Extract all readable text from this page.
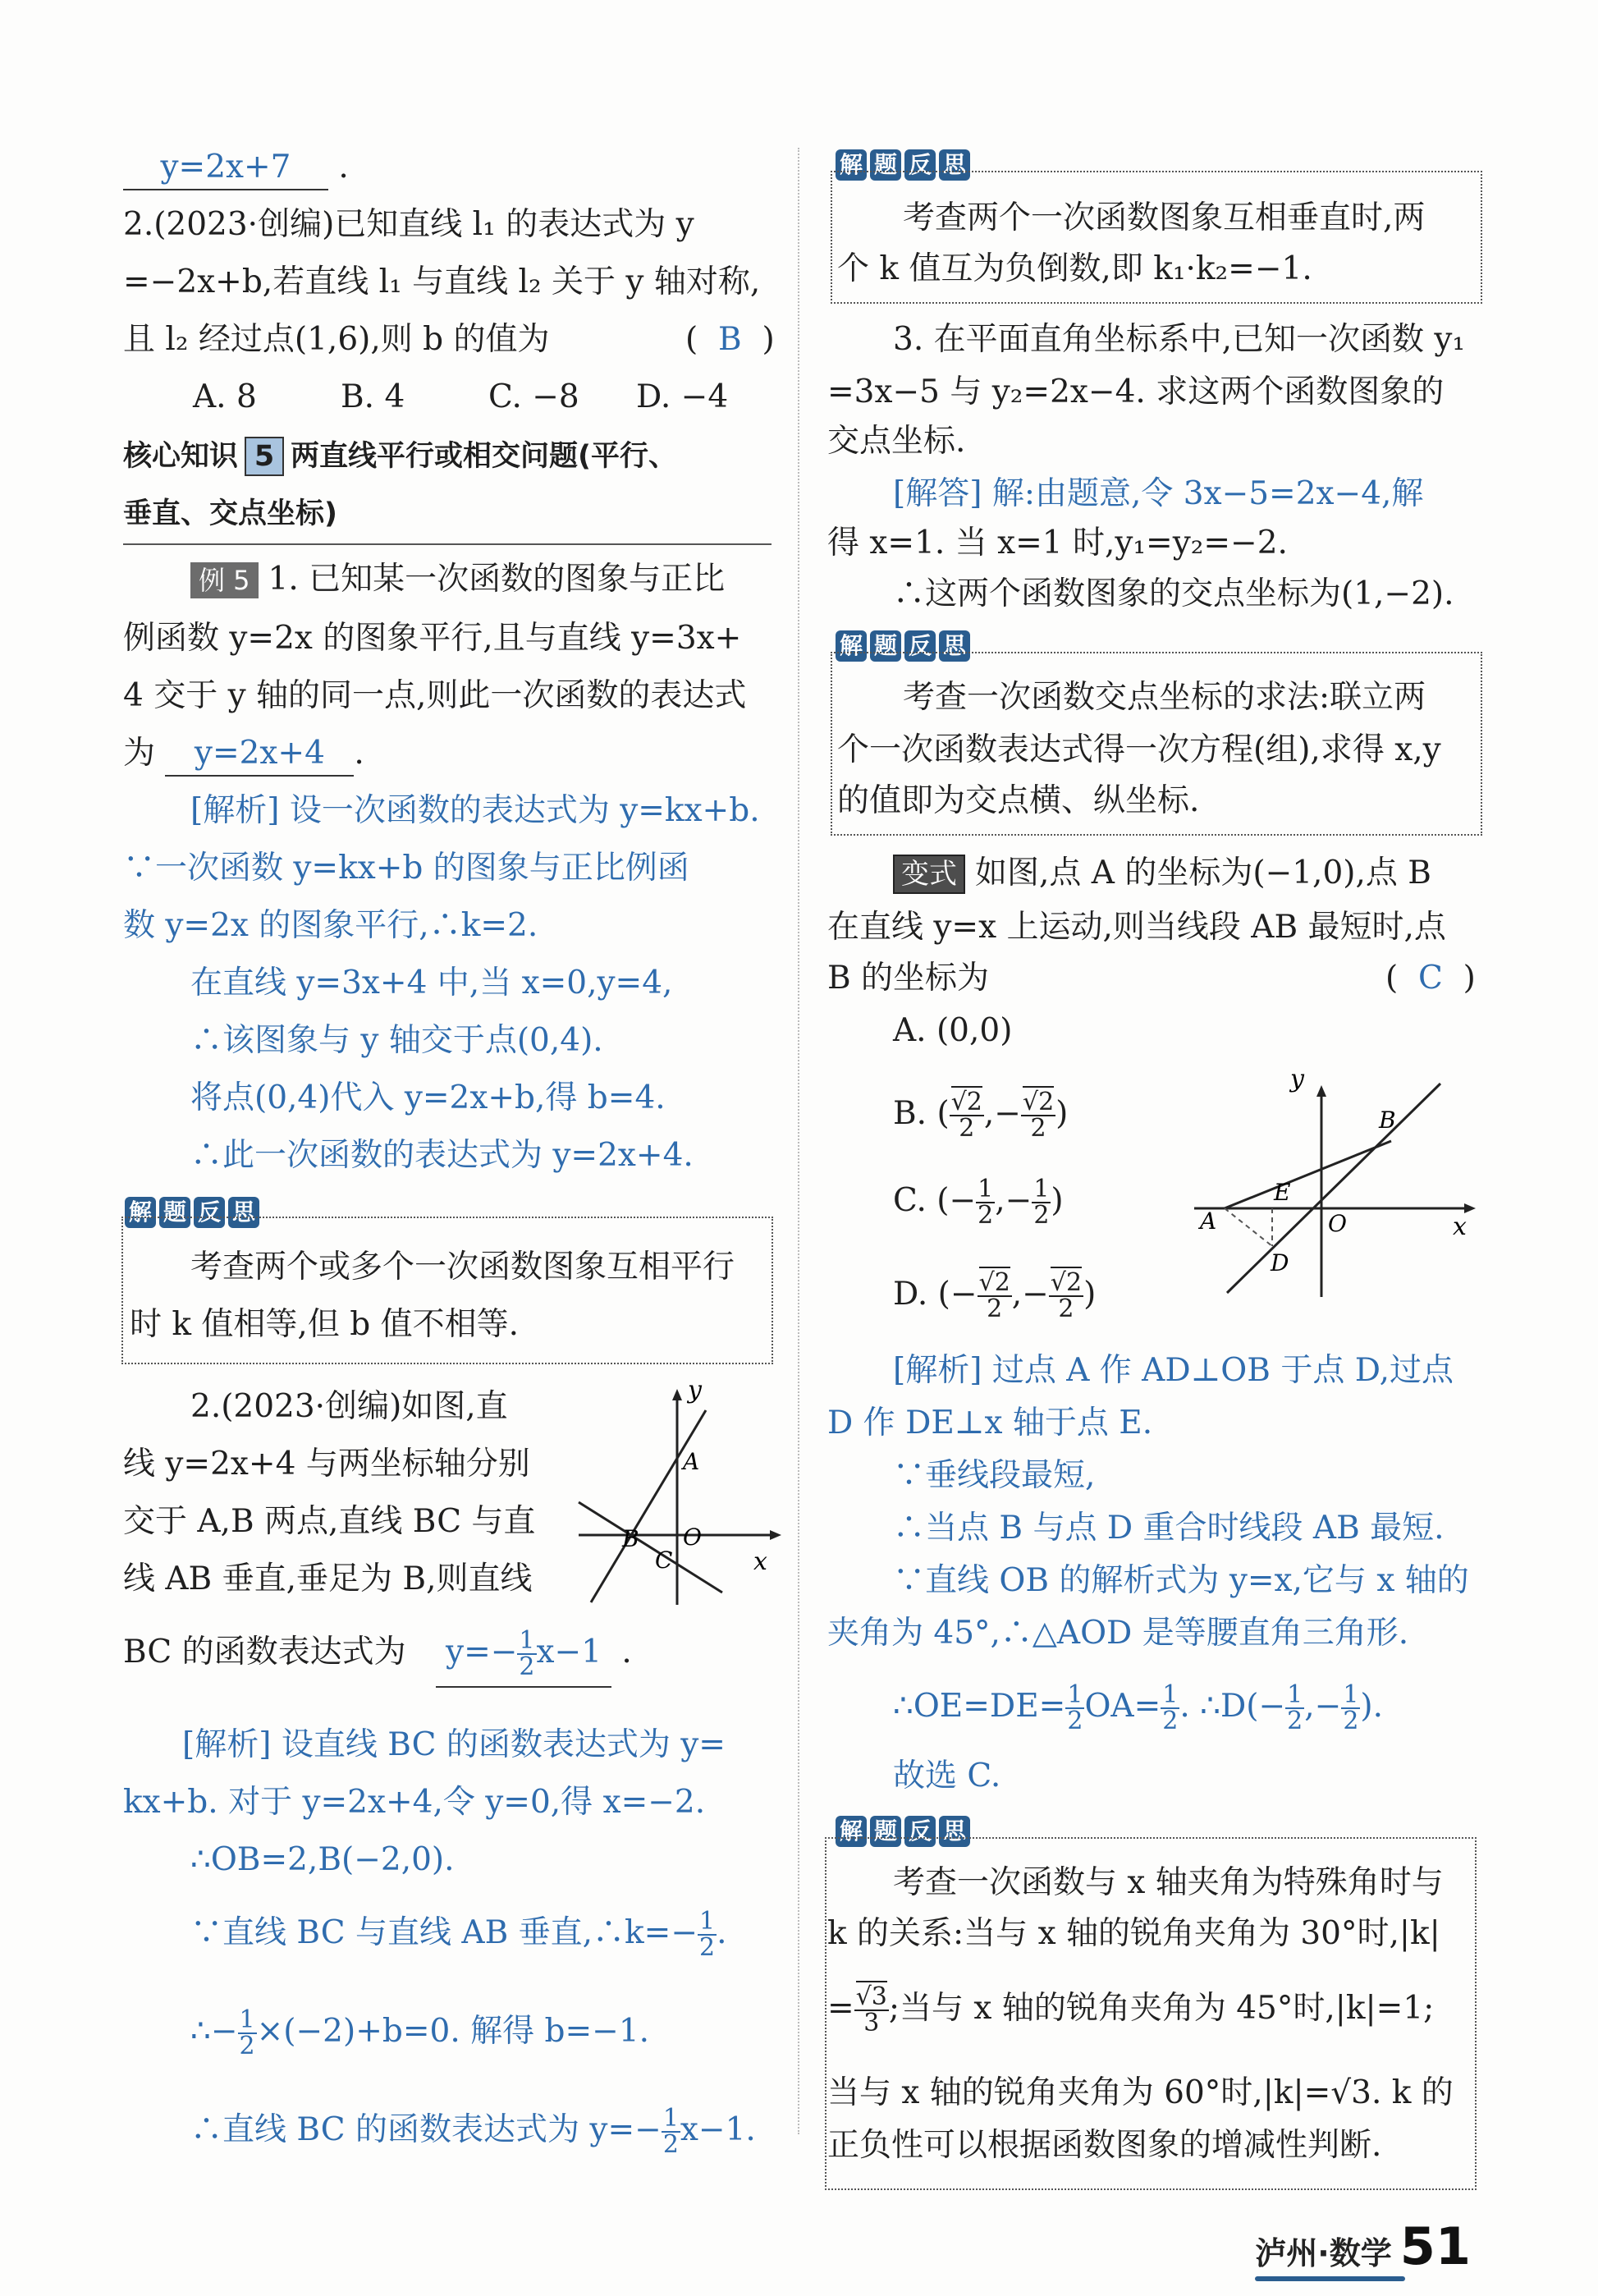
y=2x+7 .
2.(2023·创编)已知直线 l₁ 的表达式为 y
=−2x+b,若直线 l₁ 与直线 l₂ 关于 y 轴对称,
且 l₂ 经过点(1,6),则 b 的值为	(  B  )
A. 8	B. 4	C. −8 D. −4
核心知识 5 两直线平行或相交问题(平行、
垂直、交点坐标)
例 5 1. 已知某一次函数的图象与正比
例函数 y=2x 的图象平行,且与直线 y=3x+
4 交于 y 轴的同一点,则此一次函数的表达式
为 y=2x+4 .
[解析] 设一次函数的表达式为 y=kx+b.
∵一次函数 y=kx+b 的图象与正比例函
数 y=2x 的图象平行,∴k=2.
在直线 y=3x+4 中,当 x=0,y=4,
∴该图象与 y 轴交于点(0,4).
将点(0,4)代入 y=2x+b,得 b=4.
∴此一次函数的表达式为 y=2x+4.
解 题 反 思
考查两个或多个一次函数图象互相平行
时 k 值相等,但 b 值不相等.
2.(2023·创编)如图,直
线 y=2x+4 与两坐标轴分别
交于 A,B 两点,直线 BC 与直
线 AB 垂直,垂足为 B,则直线
y
x
A
B
C
O
BC 的函数表达式为 $y=- \frac{1}{2} x-1$ .
[解析] 设直线 BC 的函数表达式为 y=
kx+b. 对于 y=2x+4,令 y=0,得 x=−2.
∴OB=2,B(−2,0).
∵直线 BC 与直线 AB 垂直,∴k=− $\frac{1}{2}$ .
∴− $\frac{1}{2} \times(-2)+b=0$. 解得 b=−1.
∴直线 BC 的函数表达式为 $y=- \frac{1}{2} x-1$.
解 题 反 思
考查两个一次函数图象互相垂直时,两
个 k 值互为负倒数,即 k₁·k₂=−1.
3. 在平面直角坐标系中,已知一次函数 y₁
=3x−5 与 y₂=2x−4. 求这两个函数图象的
交点坐标.
[解答] 解:由题意,令 3x−5=2x−4,解
得 x=1. 当 x=1 时,y₁=y₂=−2.
∴这两个函数图象的交点坐标为(1,−2).
解 题 反 思
考查一次函数交点坐标的求法:联立两
个一次函数表达式得一次方程(组),求得 x,y
的值即为交点横、纵坐标.
变式 如图,点 A 的坐标为(−1,0),点 B
在直线 y=x 上运动,则当线段 AB 最短时,点
B 的坐标为	(  C  )
A. (0,0)
B. ( $\frac{√2}{2}$ ,− $\frac{√2}{2}$ )
C. (− $\frac{1}{2}$ ,− $\frac{1}{2}$ )
D. (− $\frac{√2}{2}$ ,− $\frac{√2}{2}$ )
y
x
A
B
D
E
O
[解析] 过点 A 作 AD⊥OB 于点 D,过点
D 作 DE⊥x 轴于点 E.
∵垂线段最短,
∴当点 B 与点 D 重合时线段 AB 最短.
∵直线 OB 的解析式为 y=x,它与 x 轴的
夹角为 45°,∴△AOD 是等腰直角三角形.
∴OE=DE= $\frac{1}{2} OA= \frac{1}{2}$ . ∴D(− $\frac{1}{2}$ ,− $\frac{1}{2}$ ).
故选 C.
解 题 反 思
考查一次函数与 x 轴夹角为特殊角时与
k 的关系:当与 x 轴的锐角夹角为 30°时,|k|
= $\frac{√3}{3}$ ;当与 x 轴的锐角夹角为 45°时,|k|=1;
当与 x 轴的锐角夹角为 60°时,|k|=√3. k 的
正负性可以根据函数图象的增减性判断.
泸州·数学 51
